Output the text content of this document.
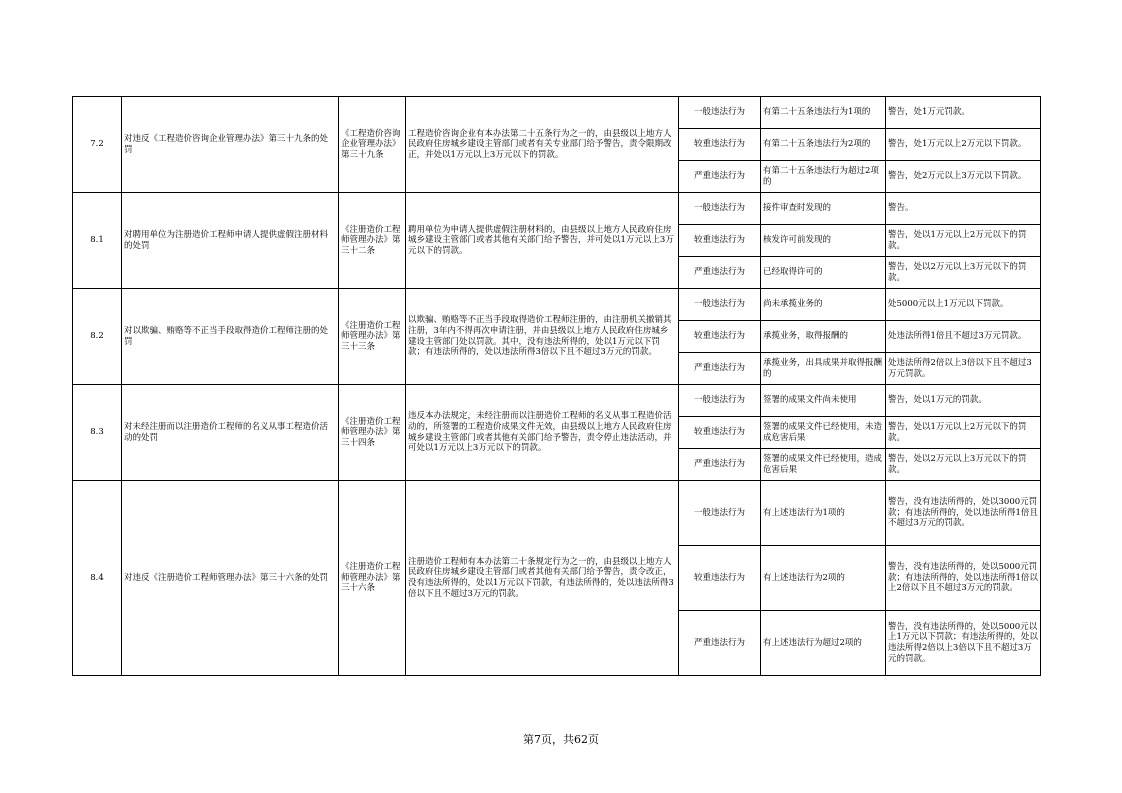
7.2	对违反《工程造价咨询企业管理办法》第三十九条的处罚	《工程造价咨询企业管理办法》第三十九条	工程造价咨询企业有本办法第二十五条行为之一的，由县级以上地方人民政府住房城乡建设主管部门或者有关专业部门给予警告，责令限期改正，并处以1万元以上3万元以下的罚款。	一般违法行为	有第二十五条违法行为1项的	警告，处1万元罚款。
				较重违法行为	有第二十五条违法行为2项的	警告，处1万元以上2万元以下罚款。
				严重违法行为	有第二十五条违法行为超过2项的	警告，处2万元以上3万元以下罚款。
8.1	对聘用单位为注册造价工程师申请人提供虚假注册材料的处罚	《注册造价工程师管理办法》第三十二条	聘用单位为申请人提供虚假注册材料的，由县级以上地方人民政府住房城乡建设主管部门或者其他有关部门给予警告，并可处以1万元以上3万元以下的罚款。	一般违法行为	接件审查时发现的	警告。
				较重违法行为	核发许可前发现的	警告，处以1万元以上2万元以下的罚款。
				严重违法行为	已经取得许可的	警告，处以2万元以上3万元以下的罚款。
8.2	对以欺骗、贿赂等不正当手段取得造价工程师注册的处罚	《注册造价工程师管理办法》第三十三条	以欺骗、贿赂等不正当手段取得造价工程师注册的，由注册机关撤销其注册，3年内不得再次申请注册，并由县级以上地方人民政府住房城乡建设主管部门处以罚款。其中，没有违法所得的，处以1万元以下罚款；有违法所得的，处以违法所得3倍以下且不超过3万元的罚款。	一般违法行为	尚未承揽业务的	处5000元以上1万元以下罚款。
				较重违法行为	承揽业务，取得报酬的	处违法所得1倍且不超过3万元罚款。
				严重违法行为	承揽业务，出具成果并取得报酬的	处违法所得2倍以上3倍以下且不超过3万元罚款。
8.3	对未经注册而以注册造价工程师的名义从事工程造价活动的处罚	《注册造价工程师管理办法》第三十四条	违反本办法规定，未经注册而以注册造价工程师的名义从事工程造价活动的，所签署的工程造价成果文件无效，由县级以上地方人民政府住房城乡建设主管部门或者其他有关部门给予警告，责令停止违法活动，并可处以1万元以上3万元以下的罚款。	一般违法行为	签署的成果文件尚未使用	警告，处以1万元的罚款。
				较重违法行为	签署的成果文件已经使用，未造成危害后果	警告，处以1万元以上2万元以下的罚款。
				严重违法行为	签署的成果文件已经使用，造成危害后果	警告，处以2万元以上3万元以下的罚款。
8.4	对违反《注册造价工程师管理办法》第三十六条的处罚	《注册造价工程师管理办法》第三十六条	注册造价工程师有本办法第二十条规定行为之一的，由县级以上地方人民政府住房城乡建设主管部门或者其他有关部门给予警告，责令改正，没有违法所得的，处以1万元以下罚款，有违法所得的，处以违法所得3倍以下且不超过3万元的罚款。	一般违法行为	有上述违法行为1项的	警告，没有违法所得的，处以3000元罚款；有违法所得的，处以违法所得1倍且不超过3万元的罚款。
				较重违法行为	有上述违法行为2项的	警告，没有违法所得的，处以5000元罚款；有违法所得的，处以违法所得1倍以上2倍以下且不超过3万元的罚款。
				严重违法行为	有上述违法行为超过2项的	警告，没有违法所得的，处以5000元以上1万元以下罚款；有违法所得的，处以违法所得2倍以上3倍以下且不超过3万元的罚款。
第7页，共62页
